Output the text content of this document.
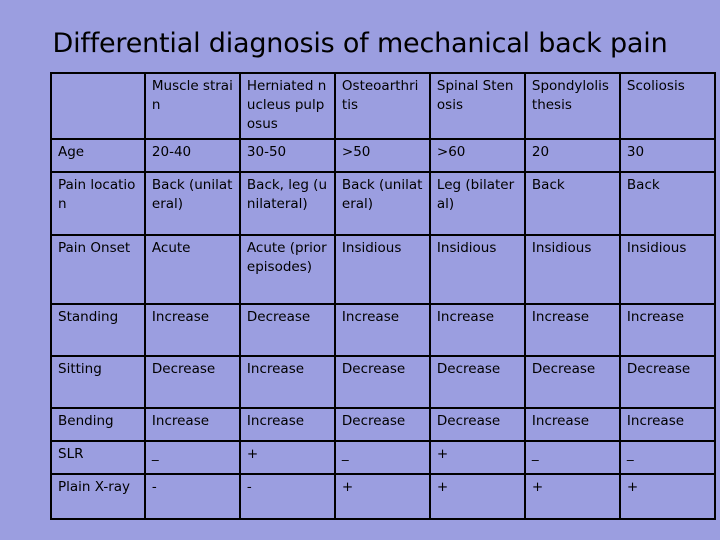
Differential diagnosis of mechanical back pain
	Muscle strain	Herniated nucleus pulposus	Osteoarthritis	Spinal Stenosis	Spondylolisthesis	Scoliosis
Age	20-40	30-50	>50	>60	20	30
Pain location	Back (unilateral)	Back, leg (unilateral)	Back (unilateral)	Leg (bilateral)	Back	Back
Pain Onset	Acute	Acute (prior episodes)	Insidious	Insidious	Insidious	Insidious
Standing	Increase	Decrease	Increase	Increase	Increase	Increase
Sitting	Decrease	Increase	Decrease	Decrease	Decrease	Decrease
Bending	Increase	Increase	Decrease	Decrease	Increase	Increase
SLR	_	+	_	+	_	_
Plain X-ray	-	-	+	+	+	+
